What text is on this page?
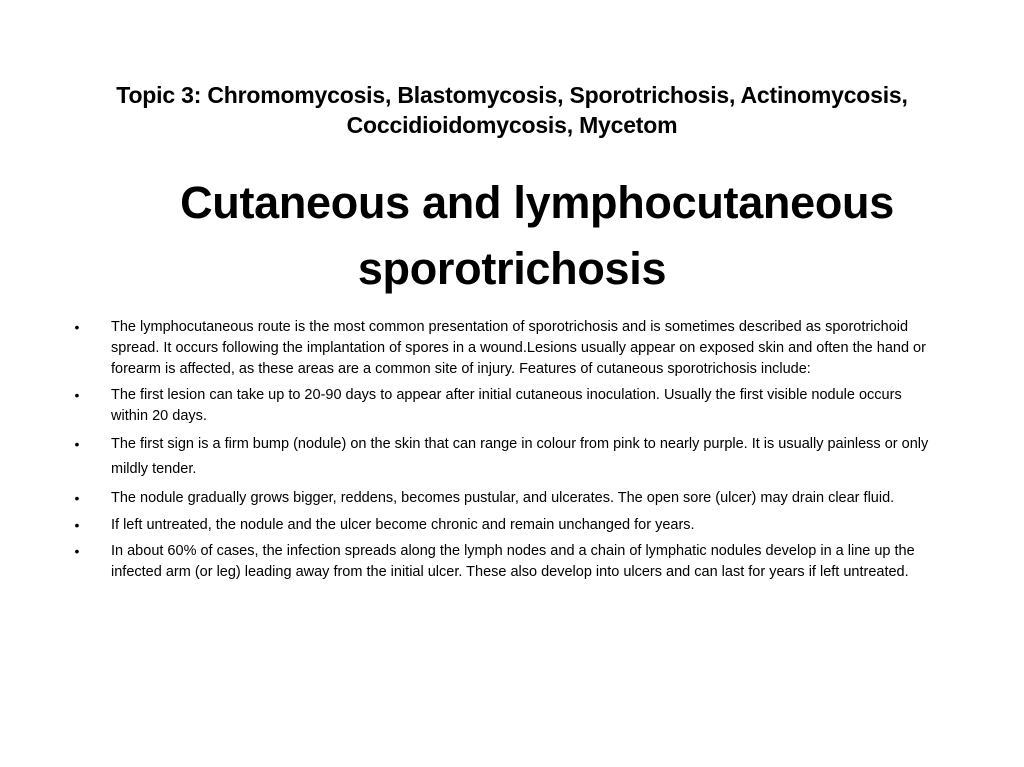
Topic 3: Chromomycosis, Blastomycosis, Sporotrichosis, Actinomycosis,
Coccidioidomycosis, Mycetom
Cutaneous and lymphocutaneous
sporotrichosis
•	The lymphocutaneous route is the most common presentation of sporotrichosis and is sometimes described as sporotrichoid spread. It occurs following the implantation of spores in a wound.Lesions usually appear on exposed skin and often the hand or forearm is affected, as these areas are a common site of injury. Features of cutaneous sporotrichosis include:
•	The first lesion can take up to 20-90 days to appear after initial cutaneous inoculation. Usually the first visible nodule occurs within 20 days.
•	The first sign is a firm bump (nodule) on the skin that can range in colour from pink to nearly purple. It is usually painless or only mildly tender.
•	The nodule gradually grows bigger, reddens, becomes pustular, and ulcerates. The open sore (ulcer) may drain clear fluid.
•	If left untreated, the nodule and the ulcer become chronic and remain unchanged for years.
•	In about 60% of cases, the infection spreads along the lymph nodes and a chain of lymphatic nodules develop in a line up the infected arm (or leg) leading away from the initial ulcer. These also develop into ulcers and can last for years if left untreated.
